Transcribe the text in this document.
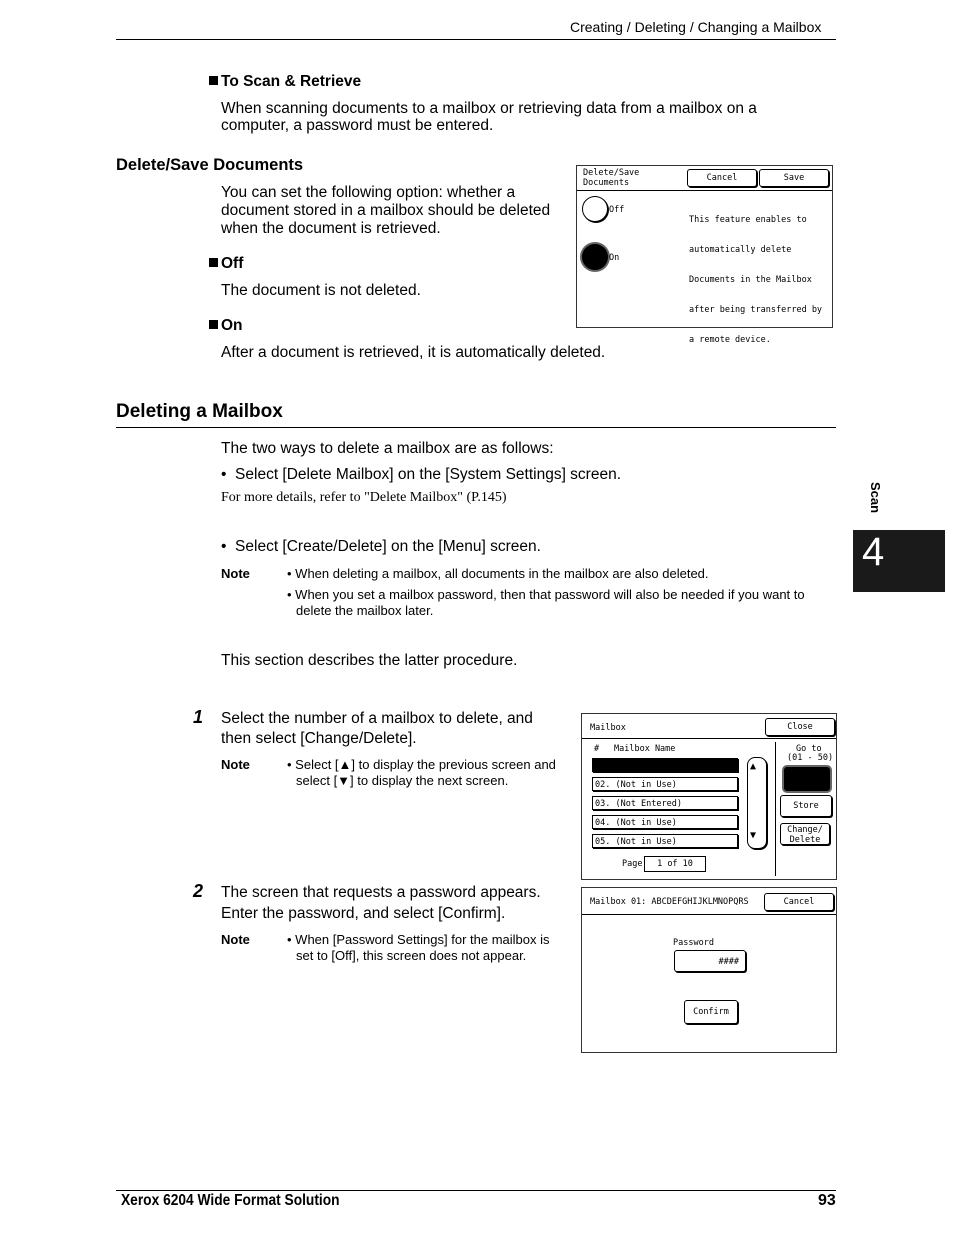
Creating / Deleting / Changing a Mailbox
To Scan & Retrieve
When scanning documents to a mailbox or retrieving data from a mailbox on a
computer, a password must be entered.
Delete/Save Documents
You can set the following option: whether a
document stored in a mailbox should be deleted
when the document is retrieved.
Off
The document is not deleted.
On
After a document is retrieved, it is automatically deleted.
Delete/Save
Documents	Cancel	Save
Off
On

This feature enables to

automatically delete

Documents in the Mailbox

after being transferred by

a remote device.

Deleting a Mailbox
The two ways to delete a mailbox are as follows:
•  Select [Delete Mailbox] on the [System Settings] screen.
For more details, refer to "Delete Mailbox" (P.145)
•  Select [Create/Delete] on the [Menu] screen.
Note	• When deleting a mailbox, all documents in the mailbox are also deleted.
• When you set a mailbox password, then that password will also be needed if you want to
delete the mailbox later.
This section describes the latter procedure.
1 Select the number of a mailbox to delete, and
then select [Change/Delete].
Note	• Select [▲] to display the previous screen and
select [▼] to display the next screen.
Mailbox	Close
# Mailbox Name
02. (Not in Use)
03. (Not Entered)
04. (Not in Use)
05. (Not in Use)
▲
▼
Go to
(01 - 50)
Store
Change/
Delete
Page	1 of 10
2 The screen that requests a password appears.
Enter the password, and select [Confirm].
Note	• When [Password Settings] for the mailbox is
set to [Off], this screen does not appear.
Mailbox 01: ABCDEFGHIJKLMNOPQRS	Cancel
Password
####
Confirm
Scan
4
Xerox 6204 Wide Format Solution	93
